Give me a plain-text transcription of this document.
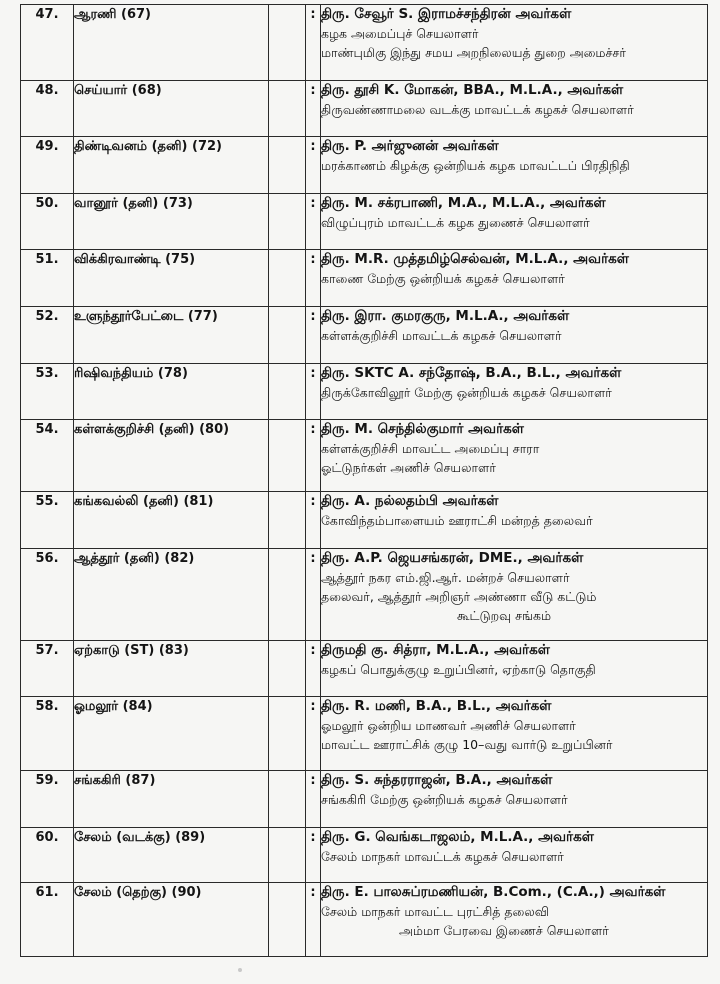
47.	ஆரணி (67)		:	திரு. சேவூர் S. இராமச்சந்திரன் அவர்கள்
கழக அமைப்புச் செயலாளர்
மாண்புமிகு இந்து சமய அறநிலையத் துறை அமைச்சர்

48.	செய்யார் (68)		:	திரு. தூசி K. மோகன், BBA., M.L.A., அவர்கள்
திருவண்ணாமலை வடக்கு மாவட்டக் கழகச் செயலாளர்

49.	திண்டிவனம் (தனி) (72)		:	திரு. P. அர்ஜுனன் அவர்கள்
மரக்காணம் கிழக்கு ஒன்றியக் கழக மாவட்டப் பிரதிநிதி

50.	வானூர் (தனி) (73)		:	திரு. M. சக்ரபாணி, M.A., M.L.A., அவர்கள்
விழுப்புரம் மாவட்டக் கழக துணைச் செயலாளர்

51.	விக்கிரவாண்டி (75)		:	திரு. M.R. முத்தமிழ்செல்வன், M.L.A., அவர்கள்
காணை மேற்கு ஒன்றியக் கழகச் செயலாளர்

52.	உளுந்தூர்பேட்டை (77)		:	திரு. இரா. குமரகுரு, M.L.A., அவர்கள்
கள்ளக்குறிச்சி மாவட்டக் கழகச் செயலாளர்

53.	ரிஷிவந்தியம் (78)		:	திரு. SKTC A. சந்தோஷ், B.A., B.L., அவர்கள்
திருக்கோவிலூர் மேற்கு ஒன்றியக் கழகச் செயலாளர்

54.	கள்ளக்குறிச்சி (தனி) (80)		:	திரு. M. செந்தில்குமார் அவர்கள்
கள்ளக்குறிச்சி மாவட்ட அமைப்பு சாரா
ஓட்டுநர்கள் அணிச் செயலாளர்

55.	கங்கவல்லி (தனி) (81)		:	திரு. A. நல்லதம்பி அவர்கள்
கோவிந்தம்பாளையம் ஊராட்சி மன்றத் தலைவர்

56.	ஆத்தூர் (தனி) (82)		:	திரு. A.P. ஜெயசங்கரன், DME., அவர்கள்
ஆத்தூர் நகர எம்.ஜி.ஆர். மன்றச் செயலாளர்
தலைவர், ஆத்தூர் அறிஞர் அண்ணா வீடு கட்டும்
கூட்டுறவு சங்கம்

57.	ஏற்காடு (ST) (83)		:	திருமதி கு. சித்ரா, M.L.A., அவர்கள்
கழகப் பொதுக்குழு உறுப்பினர், ஏற்காடு தொகுதி

58.	ஓமலூர் (84)		:	திரு. R. மணி, B.A., B.L., அவர்கள்
ஓமலூர் ஒன்றிய மாணவர் அணிச் செயலாளர்
மாவட்ட ஊராட்சிக் குழு 10–வது வார்டு உறுப்பினர்

59.	சங்ககிரி (87)		:	திரு. S. சுந்தரராஜன், B.A., அவர்கள்
சங்ககிரி மேற்கு ஒன்றியக் கழகச் செயலாளர்

60.	சேலம் (வடக்கு) (89)		:	திரு. G. வெங்கடாஜலம், M.L.A., அவர்கள்
சேலம் மாநகர் மாவட்டக் கழகச் செயலாளர்

61.	சேலம் (தெற்கு) (90)		:	திரு. E. பாலசுப்ரமணியன், B.Com., (C.A.,) அவர்கள்
சேலம் மாநகர் மாவட்ட புரட்சித் தலைவி
அம்மா பேரவை இணைச் செயலாளர்
